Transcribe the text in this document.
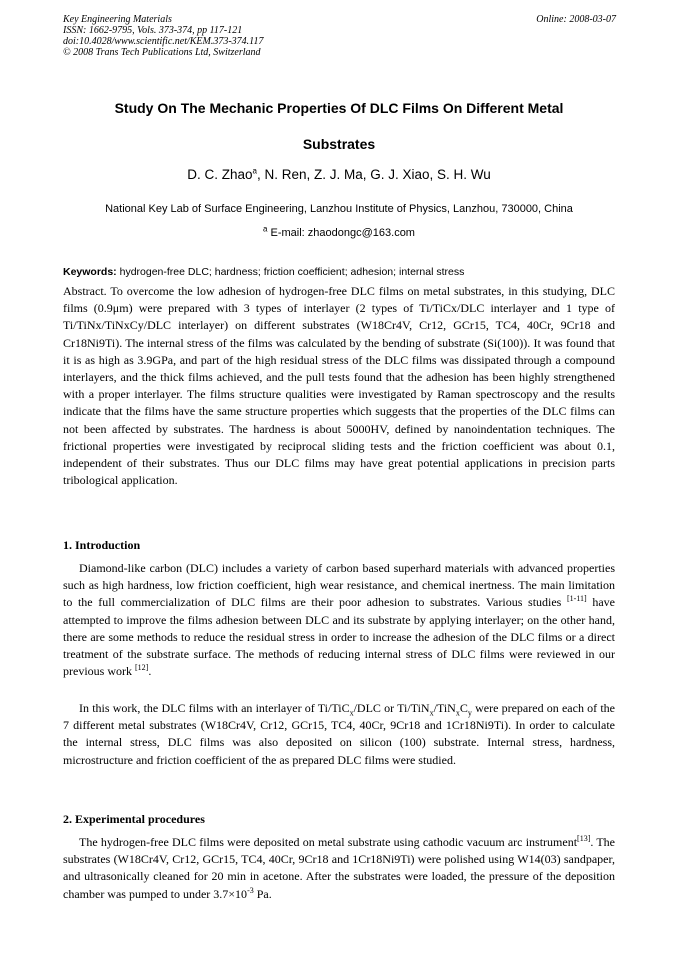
Key Engineering Materials
ISSN: 1662-9795, Vols. 373-374, pp 117-121
doi:10.4028/www.scientific.net/KEM.373-374.117
© 2008 Trans Tech Publications Ltd, Switzerland
Online: 2008-03-07
Study On The Mechanic Properties Of DLC Films On Different Metal
Substrates
D. C. Zhao$^a$, N. Ren, Z. J. Ma, G. J. Xiao, S. H. Wu
National Key Lab of Surface Engineering, Lanzhou Institute of Physics, Lanzhou, 730000, China
$^a$ E-mail: zhaodongc@163.com
Keywords: hydrogen-free DLC; hardness; friction coefficient; adhesion; internal stress
Abstract. To overcome the low adhesion of hydrogen-free DLC films on metal substrates, in this studying, DLC films (0.9μm) were prepared with 3 types of interlayer (2 types of Ti/TiCx/DLC interlayer and 1 type of Ti/TiNx/TiNxCy/DLC interlayer) on different substrates (W18Cr4V, Cr12, GCr15, TC4, 40Cr, 9Cr18 and Cr18Ni9Ti). The internal stress of the films was calculated by the bending of substrate (Si(100)). It was found that it is as high as 3.9GPa, and part of the high residual stress of the DLC films was dissipated through a compound interlayers, and the thick films achieved, and the pull tests found that the adhesion has been highly strengthened with a proper interlayer. The films structure qualities were investigated by Raman spectroscopy and the results indicate that the films have the same structure properties which suggests that the properties of the DLC films can not been affected by substrates. The hardness is about 5000HV, defined by nanoindentation techniques. The frictional properties were investigated by reciprocal sliding tests and the friction coefficient was about 0.1, independent of their substrates. Thus our DLC films may have great potential applications in precision parts tribological application.
1. Introduction
Diamond-like carbon (DLC) includes a variety of carbon based superhard materials with advanced properties such as high hardness, low friction coefficient, high wear resistance, and chemical inertness. The main limitation to the full commercialization of DLC films are their poor adhesion to substrates. Various studies [1-11] have attempted to improve the films adhesion between DLC and its substrate by applying interlayer; on the other hand, there are some methods to reduce the residual stress in order to increase the adhesion of the DLC films or a direct treatment of the substrate surface. The methods of reducing internal stress of DLC films were reviewed in our previous work [12].
In this work, the DLC films with an interlayer of Ti/TiC$_x$/DLC or $Ti/TiN_x/TiN_xC_y$ were prepared on each of the 7 different metal substrates (W18Cr4V, Cr12, GCr15, TC4, 40Cr, 9Cr18 and 1Cr18Ni9Ti). In order to calculate the internal stress, DLC films was also deposited on silicon (100) substrate. Internal stress, hardness, microstructure and friction coefficient of the as prepared DLC films were studied.
2. Experimental procedures
The hydrogen-free DLC films were deposited on metal substrate using cathodic vacuum arc instrument[13]. The substrates (W18Cr4V, Cr12, GCr15, TC4, 40Cr, 9Cr18 and 1Cr18Ni9Ti) were polished using W14(03) sandpaper, and ultrasonically cleaned for 20 min in acetone. After the substrates were loaded, the pressure of the deposition chamber was pumped to under $3.7\times 10^{-3}$ Pa.
